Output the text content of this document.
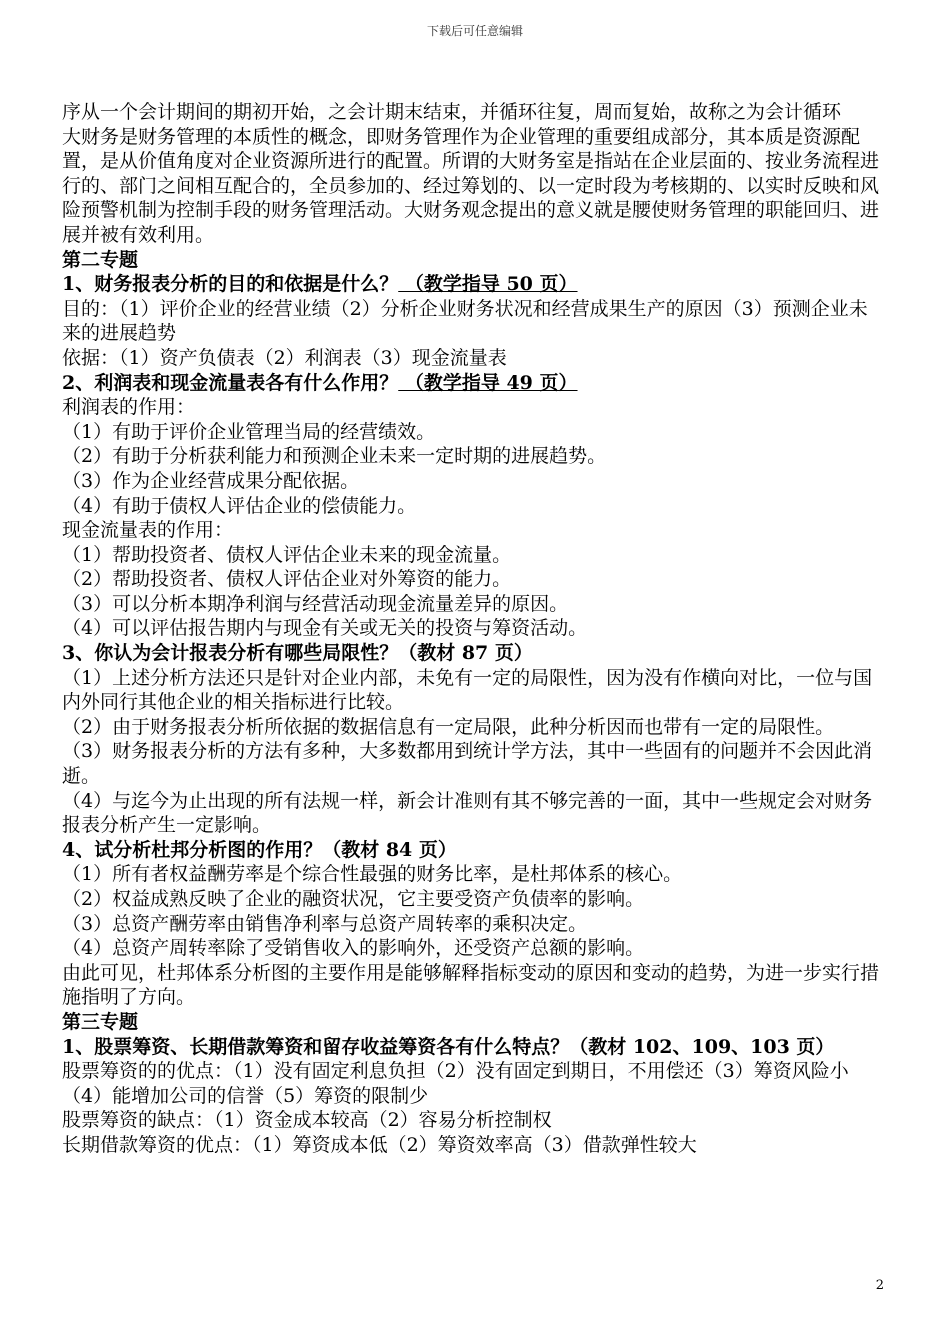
下载后可任意编辑

序从一个会计期间的期初开始，之会计期末结束，并循环往复，周而复始，故称之为会计循环

大财务是财务管理的本质性的概念，即财务管理作为企业管理的重要组成部分，其本质是资源配置，是从价值角度对企业资源所进行的配置。所谓的大财务室是指站在企业层面的、按业务流程进行的、部门之间相互配合的，全员参加的、经过筹划的、以一定时段为考核期的、以实时反映和风险预警机制为控制手段的财务管理活动。大财务观念提出的意义就是腰使财务管理的职能回归、进展并被有效利用。

第二专题

1、财务报表分析的目的和依据是什么？ （教学指导 50 页）

目的：（1）评价企业的经营业绩（2）分析企业财务状况和经营成果生产的原因（3）预测企业未来的进展趋势

依据：（1）资产负债表（2）利润表（3）现金流量表

2、利润表和现金流量表各有什么作用？ （教学指导 49 页）

利润表的作用：

（1）有助于评价企业管理当局的经营绩效。

（2）有助于分析获利能力和预测企业未来一定时期的进展趋势。

（3）作为企业经营成果分配依据。

（4）有助于债权人评估企业的偿债能力。

现金流量表的作用：

（1）帮助投资者、债权人评估企业未来的现金流量。

（2）帮助投资者、债权人评估企业对外筹资的能力。

（3）可以分析本期净利润与经营活动现金流量差异的原因。

（4）可以评估报告期内与现金有关或无关的投资与筹资活动。

3、你认为会计报表分析有哪些局限性？（教材 87 页）

（1）上述分析方法还只是针对企业内部，未免有一定的局限性，因为没有作横向对比，一位与国内外同行其他企业的相关指标进行比较。

（2）由于财务报表分析所依据的数据信息有一定局限，此种分析因而也带有一定的局限性。

（3）财务报表分析的方法有多种，大多数都用到统计学方法，其中一些固有的问题并不会因此消逝。

（4）与迄今为止出现的所有法规一样，新会计准则有其不够完善的一面，其中一些规定会对财务报表分析产生一定影响。

4、试分析杜邦分析图的作用？（教材 84 页）

（1）所有者权益酬劳率是个综合性最强的财务比率，是杜邦体系的核心。

（2）权益成熟反映了企业的融资状况，它主要受资产负债率的影响。

（3）总资产酬劳率由销售净利率与总资产周转率的乘积决定。

（4）总资产周转率除了受销售收入的影响外，还受资产总额的影响。

由此可见，杜邦体系分析图的主要作用是能够解释指标变动的原因和变动的趋势，为进一步实行措施指明了方向。

第三专题

1、股票筹资、长期借款筹资和留存收益筹资各有什么特点？（教材 102、109、103 页）

股票筹资的的优点：（1）没有固定利息负担（2）没有固定到期日，不用偿还（3）筹资风险小（4）能增加公司的信誉（5）筹资的限制少

股票筹资的缺点：（1）资金成本较高（2）容易分析控制权

长期借款筹资的优点：（1）筹资成本低（2）筹资效率高（3）借款弹性较大

2
